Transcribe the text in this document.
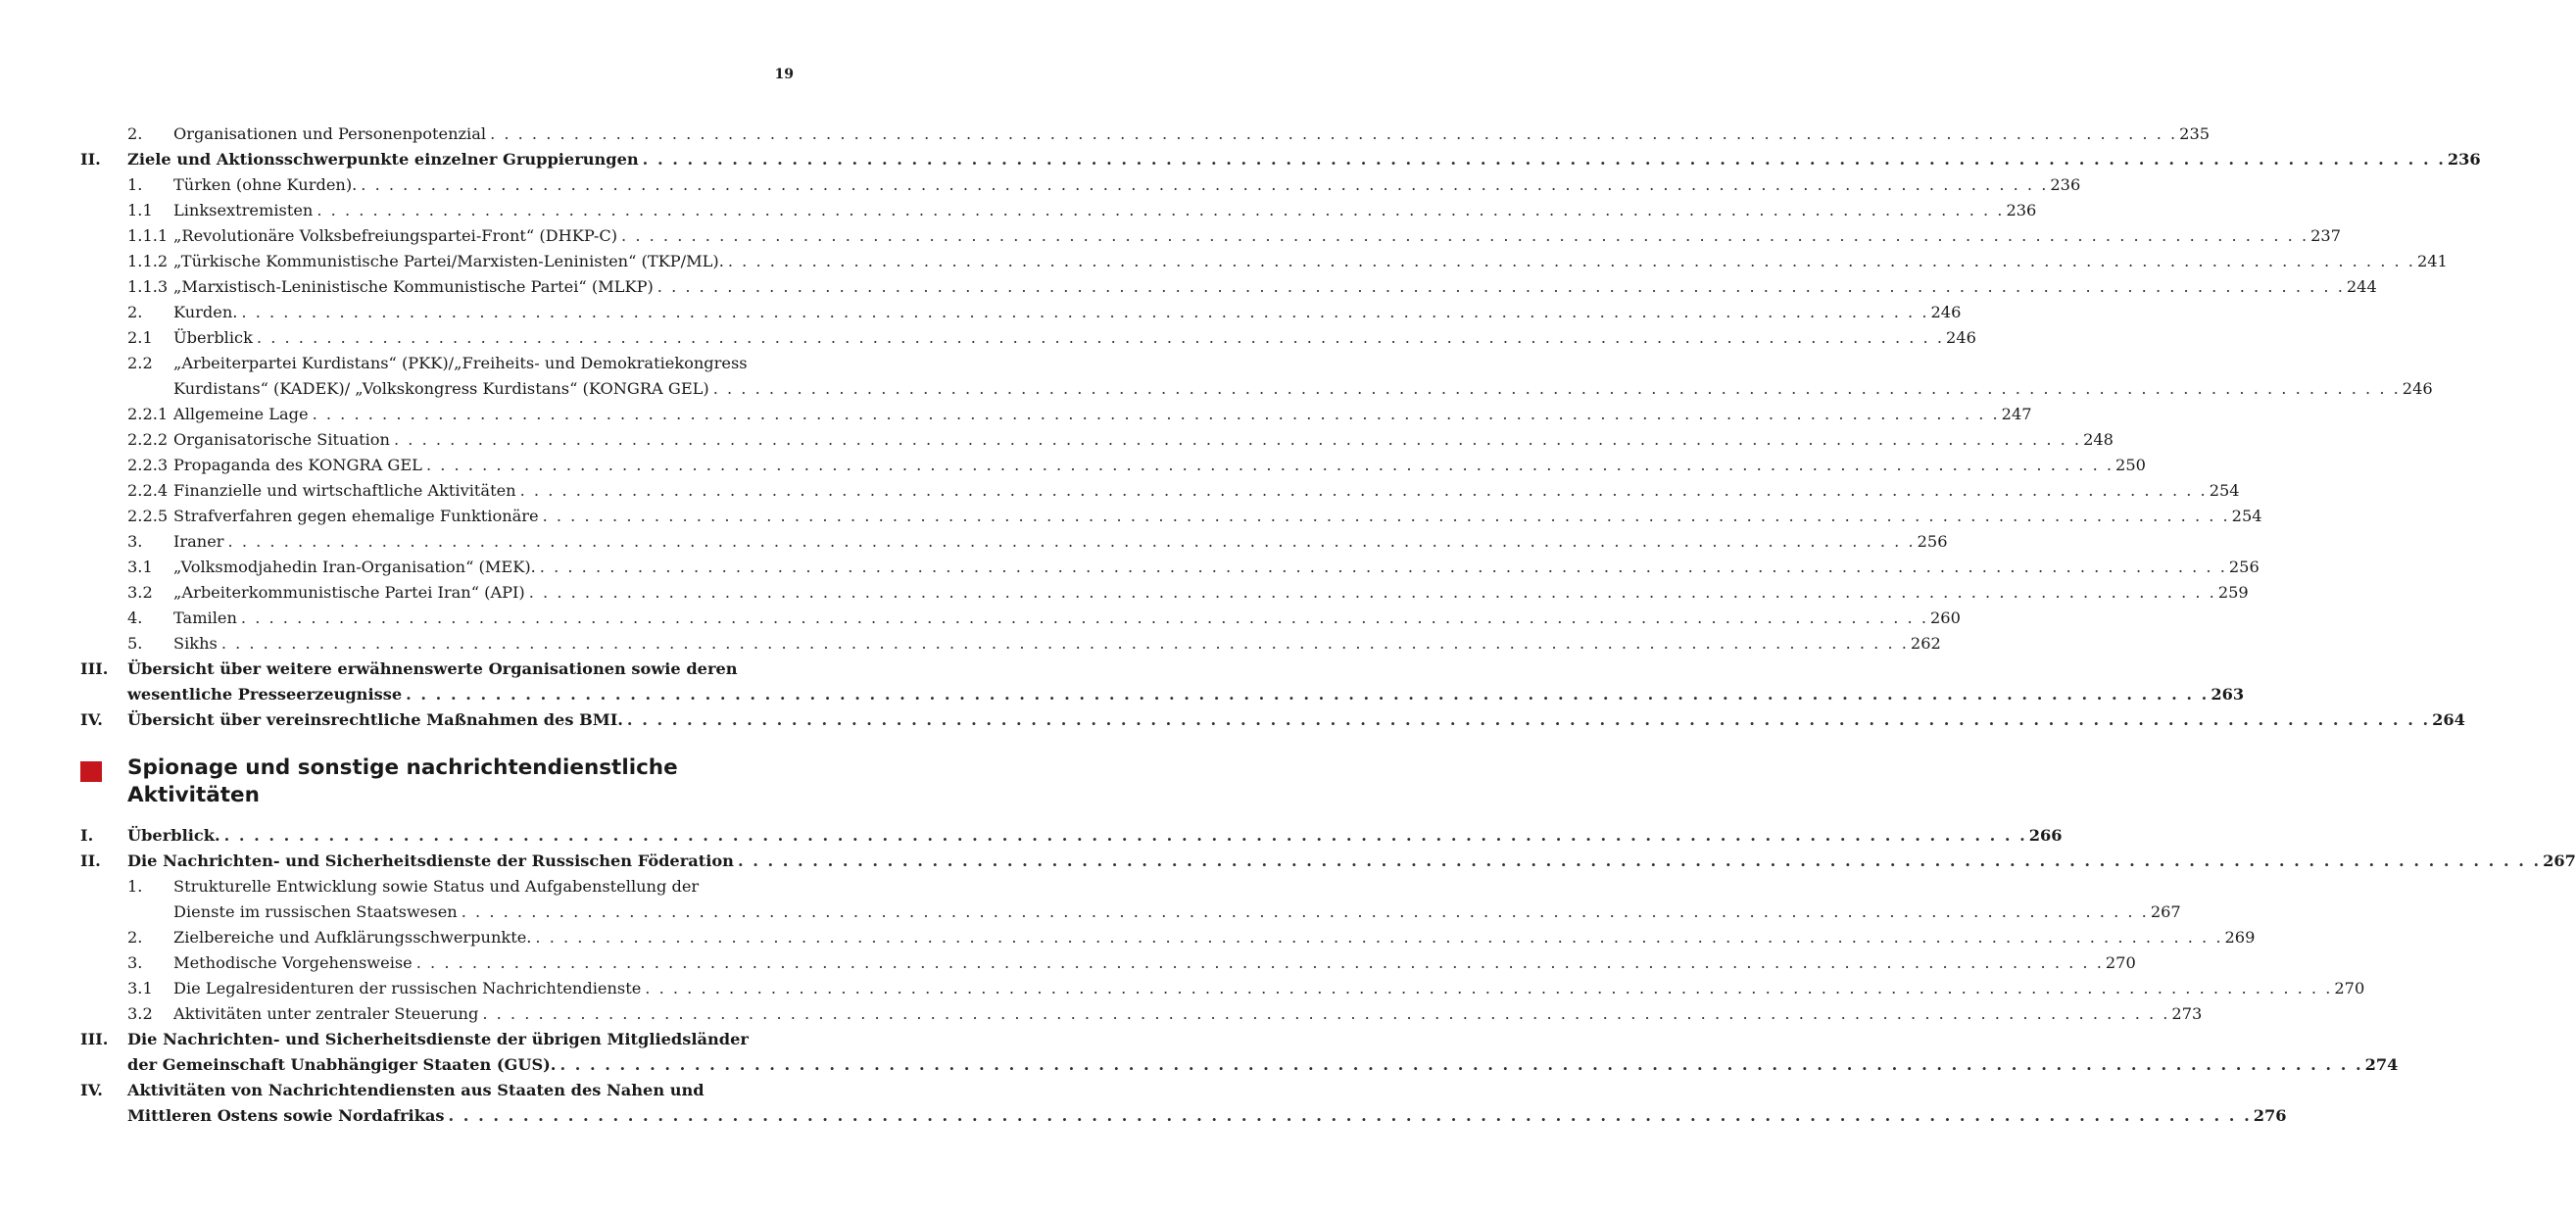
19
2. Organisationen und Personenpotenzial . . . . . . . . . . . . . . . . . . . . . . . . . . . . . . . . . . . . . . . . . . . . . . . . . . . . . . . . . . . . . . . . . . . . . . . . . . . . . . . . . . . . . . . . . . . . . . . . . . . . . . . . . . . . . . . . . . . . . . . . . 235
II. Ziele und Aktionsschwerpunkte einzelner Gruppierungen . . . . . . . . . . . . . . . . . . . . . . . . . . . . . . . . . . . . . . . . . . . . . . . . . . . . . . . . . . . . . . . . . . . . . . . . . . . . . . . . . . . . . . . . . . . . . . . . . . . . . . . . . . . . . . . . . . . . . . . . . 236
1. Türken (ohne Kurden). . . . . . . . . . . . . . . . . . . . . . . . . . . . . . . . . . . . . . . . . . . . . . . . . . . . . . . . . . . . . . . . . . . . . . . . . . . . . . . . . . . . . . . . . . . . . . . . . . . . . . . . . . . . . . . . . . . . . . . . . . 236
1.1 Linksextremisten . . . . . . . . . . . . . . . . . . . . . . . . . . . . . . . . . . . . . . . . . . . . . . . . . . . . . . . . . . . . . . . . . . . . . . . . . . . . . . . . . . . . . . . . . . . . . . . . . . . . . . . . . . . . . . . . . . . . . . . . . 236
1.1.1 „Revolutionäre Volksbefreiungspartei-Front“ (DHKP-C) . . . . . . . . . . . . . . . . . . . . . . . . . . . . . . . . . . . . . . . . . . . . . . . . . . . . . . . . . . . . . . . . . . . . . . . . . . . . . . . . . . . . . . . . . . . . . . . . . . . . . . . . . . . . . . . . . . . . . . . . . 237
1.1.2 „Türkische Kommunistische Partei/Marxisten-Leninisten“ (TKP/ML). . . . . . . . . . . . . . . . . . . . . . . . . . . . . . . . . . . . . . . . . . . . . . . . . . . . . . . . . . . . . . . . . . . . . . . . . . . . . . . . . . . . . . . . . . . . . . . . . . . . . . . . . . . . . . . . . . . . . . . . . . 241
1.1.3 „Marxistisch-Leninistische Kommunistische Partei“ (MLKP) . . . . . . . . . . . . . . . . . . . . . . . . . . . . . . . . . . . . . . . . . . . . . . . . . . . . . . . . . . . . . . . . . . . . . . . . . . . . . . . . . . . . . . . . . . . . . . . . . . . . . . . . . . . . . . . . . . . . . . . . . 244
2. Kurden. . . . . . . . . . . . . . . . . . . . . . . . . . . . . . . . . . . . . . . . . . . . . . . . . . . . . . . . . . . . . . . . . . . . . . . . . . . . . . . . . . . . . . . . . . . . . . . . . . . . . . . . . . . . . . . . . . . . . . . . . . 246
2.1 Überblick . . . . . . . . . . . . . . . . . . . . . . . . . . . . . . . . . . . . . . . . . . . . . . . . . . . . . . . . . . . . . . . . . . . . . . . . . . . . . . . . . . . . . . . . . . . . . . . . . . . . . . . . . . . . . . . . . . . . . . . . . 246
2.2 „Arbeiterpartei Kurdistans“ (PKK)/„Freiheits- und Demokratiekongress
Kurdistans“ (KADEK)/ „Volkskongress Kurdistans“ (KONGRA GEL) . . . . . . . . . . . . . . . . . . . . . . . . . . . . . . . . . . . . . . . . . . . . . . . . . . . . . . . . . . . . . . . . . . . . . . . . . . . . . . . . . . . . . . . . . . . . . . . . . . . . . . . . . . . . . . . . . . . . . . . . . 246
2.2.1 Allgemeine Lage . . . . . . . . . . . . . . . . . . . . . . . . . . . . . . . . . . . . . . . . . . . . . . . . . . . . . . . . . . . . . . . . . . . . . . . . . . . . . . . . . . . . . . . . . . . . . . . . . . . . . . . . . . . . . . . . . . . . . . . . . 247
2.2.2 Organisatorische Situation . . . . . . . . . . . . . . . . . . . . . . . . . . . . . . . . . . . . . . . . . . . . . . . . . . . . . . . . . . . . . . . . . . . . . . . . . . . . . . . . . . . . . . . . . . . . . . . . . . . . . . . . . . . . . . . . . . . . . . . . . 248
2.2.3 Propaganda des KONGRA GEL . . . . . . . . . . . . . . . . . . . . . . . . . . . . . . . . . . . . . . . . . . . . . . . . . . . . . . . . . . . . . . . . . . . . . . . . . . . . . . . . . . . . . . . . . . . . . . . . . . . . . . . . . . . . . . . . . . . . . . . . . 250
2.2.4 Finanzielle und wirtschaftliche Aktivitäten . . . . . . . . . . . . . . . . . . . . . . . . . . . . . . . . . . . . . . . . . . . . . . . . . . . . . . . . . . . . . . . . . . . . . . . . . . . . . . . . . . . . . . . . . . . . . . . . . . . . . . . . . . . . . . . . . . . . . . . . . 254
2.2.5 Strafverfahren gegen ehemalige Funktionäre . . . . . . . . . . . . . . . . . . . . . . . . . . . . . . . . . . . . . . . . . . . . . . . . . . . . . . . . . . . . . . . . . . . . . . . . . . . . . . . . . . . . . . . . . . . . . . . . . . . . . . . . . . . . . . . . . . . . . . . . . 254
3. Iraner . . . . . . . . . . . . . . . . . . . . . . . . . . . . . . . . . . . . . . . . . . . . . . . . . . . . . . . . . . . . . . . . . . . . . . . . . . . . . . . . . . . . . . . . . . . . . . . . . . . . . . . . . . . . . . . . . . . . . . . . . 256
3.1 „Volksmodjahedin Iran-Organisation“ (MEK). . . . . . . . . . . . . . . . . . . . . . . . . . . . . . . . . . . . . . . . . . . . . . . . . . . . . . . . . . . . . . . . . . . . . . . . . . . . . . . . . . . . . . . . . . . . . . . . . . . . . . . . . . . . . . . . . . . . . . . . . . 256
3.2 „Arbeiterkommunistische Partei Iran“ (API) . . . . . . . . . . . . . . . . . . . . . . . . . . . . . . . . . . . . . . . . . . . . . . . . . . . . . . . . . . . . . . . . . . . . . . . . . . . . . . . . . . . . . . . . . . . . . . . . . . . . . . . . . . . . . . . . . . . . . . . . . 259
4. Tamilen . . . . . . . . . . . . . . . . . . . . . . . . . . . . . . . . . . . . . . . . . . . . . . . . . . . . . . . . . . . . . . . . . . . . . . . . . . . . . . . . . . . . . . . . . . . . . . . . . . . . . . . . . . . . . . . . . . . . . . . . . 260
5. Sikhs . . . . . . . . . . . . . . . . . . . . . . . . . . . . . . . . . . . . . . . . . . . . . . . . . . . . . . . . . . . . . . . . . . . . . . . . . . . . . . . . . . . . . . . . . . . . . . . . . . . . . . . . . . . . . . . . . . . . . . . . . 262
III. Übersicht über weitere erwähnenswerte Organisationen sowie deren
wesentliche Presseerzeugnisse . . . . . . . . . . . . . . . . . . . . . . . . . . . . . . . . . . . . . . . . . . . . . . . . . . . . . . . . . . . . . . . . . . . . . . . . . . . . . . . . . . . . . . . . . . . . . . . . . . . . . . . . . . . . . . . . . . . . . . . . . 263
IV. Übersicht über vereinsrechtliche Maßnahmen des BMI. . . . . . . . . . . . . . . . . . . . . . . . . . . . . . . . . . . . . . . . . . . . . . . . . . . . . . . . . . . . . . . . . . . . . . . . . . . . . . . . . . . . . . . . . . . . . . . . . . . . . . . . . . . . . . . . . . . . . . . . . . 264
Spionage und sonstige nachrichtendienstliche Aktivitäten
I. Überblick. . . . . . . . . . . . . . . . . . . . . . . . . . . . . . . . . . . . . . . . . . . . . . . . . . . . . . . . . . . . . . . . . . . . . . . . . . . . . . . . . . . . . . . . . . . . . . . . . . . . . . . . . . . . . . . . . . . . . . . . . . 266
II. Die Nachrichten- und Sicherheitsdienste der Russischen Föderation . . . . . . . . . . . . . . . . . . . . . . . . . . . . . . . . . . . . . . . . . . . . . . . . . . . . . . . . . . . . . . . . . . . . . . . . . . . . . . . . . . . . . . . . . . . . . . . . . . . . . . . . . . . . . . . . . . . . . . . . . 267
1. Strukturelle Entwicklung sowie Status und Aufgabenstellung der
Dienste im russischen Staatswesen . . . . . . . . . . . . . . . . . . . . . . . . . . . . . . . . . . . . . . . . . . . . . . . . . . . . . . . . . . . . . . . . . . . . . . . . . . . . . . . . . . . . . . . . . . . . . . . . . . . . . . . . . . . . . . . . . . . . . . . . . 267
2. Zielbereiche und Aufklärungsschwerpunkte. . . . . . . . . . . . . . . . . . . . . . . . . . . . . . . . . . . . . . . . . . . . . . . . . . . . . . . . . . . . . . . . . . . . . . . . . . . . . . . . . . . . . . . . . . . . . . . . . . . . . . . . . . . . . . . . . . . . . . . . . . 269
3. Methodische Vorgehensweise . . . . . . . . . . . . . . . . . . . . . . . . . . . . . . . . . . . . . . . . . . . . . . . . . . . . . . . . . . . . . . . . . . . . . . . . . . . . . . . . . . . . . . . . . . . . . . . . . . . . . . . . . . . . . . . . . . . . . . . . . 270
3.1 Die Legalresidenturen der russischen Nachrichtendienste . . . . . . . . . . . . . . . . . . . . . . . . . . . . . . . . . . . . . . . . . . . . . . . . . . . . . . . . . . . . . . . . . . . . . . . . . . . . . . . . . . . . . . . . . . . . . . . . . . . . . . . . . . . . . . . . . . . . . . . . . 270
3.2 Aktivitäten unter zentraler Steuerung . . . . . . . . . . . . . . . . . . . . . . . . . . . . . . . . . . . . . . . . . . . . . . . . . . . . . . . . . . . . . . . . . . . . . . . . . . . . . . . . . . . . . . . . . . . . . . . . . . . . . . . . . . . . . . . . . . . . . . . . . 273
III. Die Nachrichten- und Sicherheitsdienste der übrigen Mitgliedsländer
der Gemeinschaft Unabhängiger Staaten (GUS). . . . . . . . . . . . . . . . . . . . . . . . . . . . . . . . . . . . . . . . . . . . . . . . . . . . . . . . . . . . . . . . . . . . . . . . . . . . . . . . . . . . . . . . . . . . . . . . . . . . . . . . . . . . . . . . . . . . . . . . . . 274
IV. Aktivitäten von Nachrichtendiensten aus Staaten des Nahen und
Mittleren Ostens sowie Nordafrikas . . . . . . . . . . . . . . . . . . . . . . . . . . . . . . . . . . . . . . . . . . . . . . . . . . . . . . . . . . . . . . . . . . . . . . . . . . . . . . . . . . . . . . . . . . . . . . . . . . . . . . . . . . . . . . . . . . . . . . . . . 276
